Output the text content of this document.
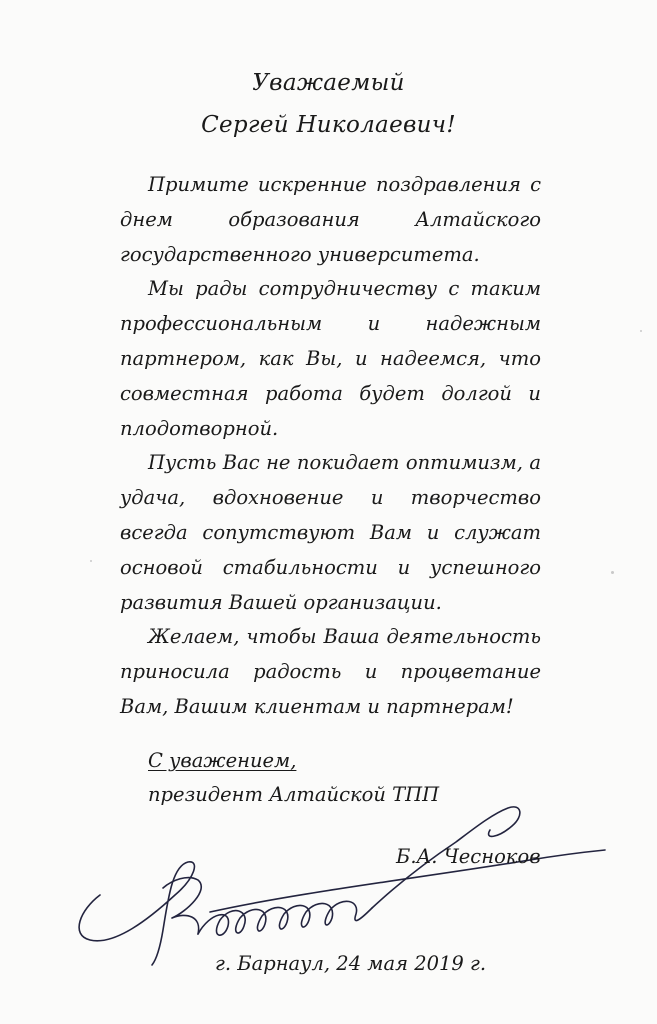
Уважаемый
Сергей Николаевич!

Примите искренние поздравления с днем образования Алтайского государственного университета.

Мы рады сотрудничеству с таким профессиональным и надежным партнером, как Вы, и надеемся, что совместная работа будет долгой и плодотворной.

Пусть Вас не покидает оптимизм, а удача, вдохновение и творчество всегда сопутствуют Вам и служат основой стабильности и успешного развития Вашей организации.

Желаем, чтобы Ваша деятельность приносила радость и процветание Вам, Вашим клиентам и партнерам!

С уважением,
президент Алтайской ТПП
Б.А. Чесноков
г. Барнаул, 24 мая 2019 г.
